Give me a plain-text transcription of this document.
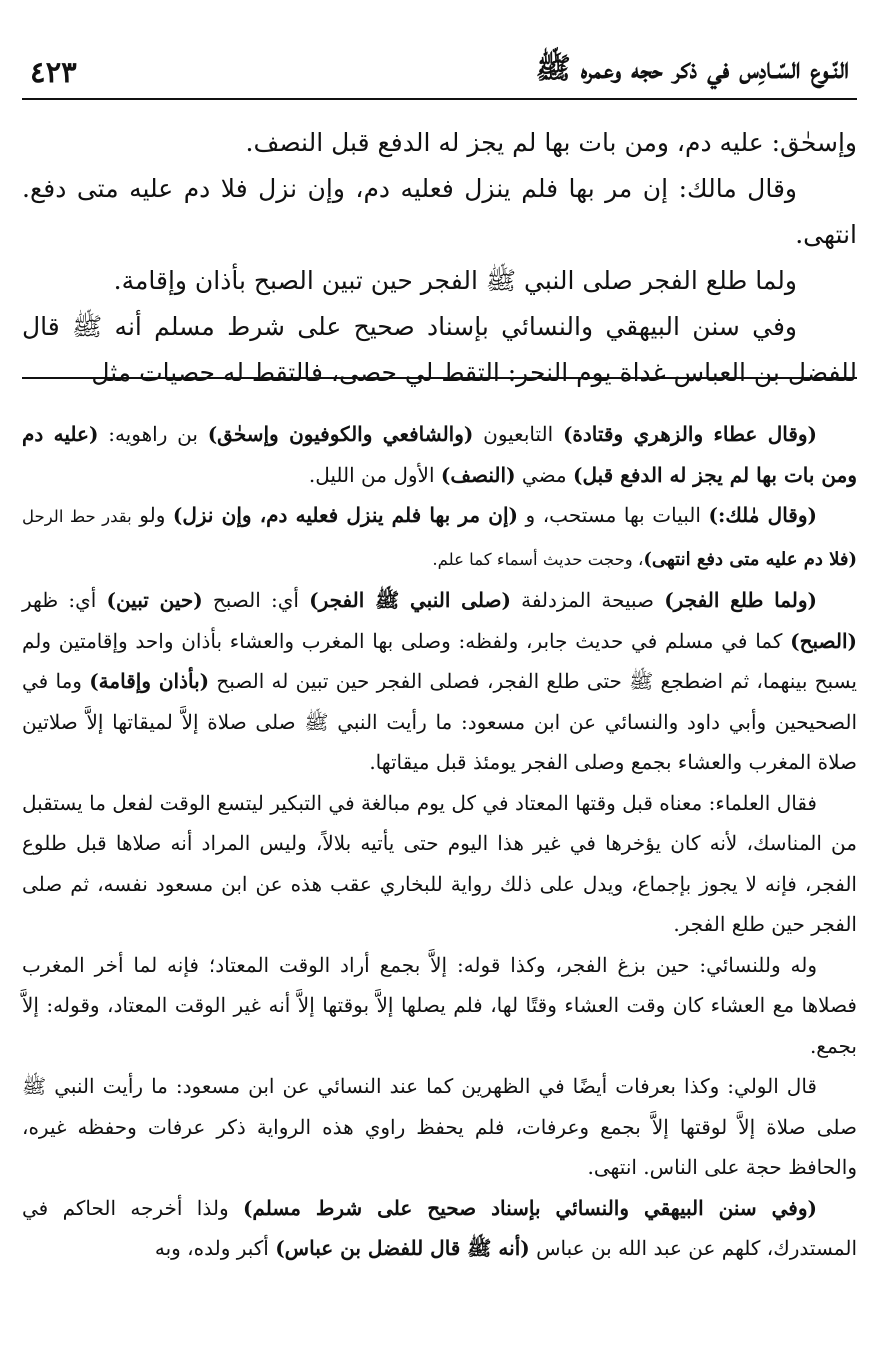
النّـوع السّـادِس في ذكر حجه وعمره ﷺ
٤٢٣

وإسحٰق: عليه دم، ومن بات بها لم يجز له الدفع قبل النصف.

وقال مالك: إن مر بها فلم ينزل فعليه دم، وإن نزل فلا دم عليه متى دفع. انتهى.

ولما طلع الفجر صلى النبي ﷺ الفجر حين تبين الصبح بأذان وإقامة.

وفي سنن البيهقي والنسائي بإسناد صحيح على شرط مسلم أنه ﷺ قال للفضل بن العباس غداة يوم النحر: التقط لي حصى، فالتقط له حصيات مثل

(وقال عطاء والزهري وقتادة) التابعيون (والشافعي والكوفيون وإسحٰق) بن راهويه: (عليه دم ومن بات بها لم يجز له الدفع قبل) مضي (النصف) الأول من الليل.

(وقال مٰلك:) البيات بها مستحب، و (إن مر بها فلم ينزل فعليه دم، وإن نزل) ولو بقدر حط الرحل (فلا دم عليه متى دفع انتهى)، وحجت حديث أسماء كما علم.

(ولما طلع الفجر) صبيحة المزدلفة (صلى النبي ﷺ الفجر) أي: الصبح (حين تبين) أي: ظهر (الصبح) كما في مسلم في حديث جابر، ولفظه: وصلى بها المغرب والعشاء بأذان واحد وإقامتين ولم يسبح بينهما، ثم اضطجع ﷺ حتى طلع الفجر، فصلى الفجر حين تبين له الصبح (بأذان وإقامة) وما في الصحيحين وأبي داود والنسائي عن ابن مسعود: ما رأيت النبي ﷺ صلى صلاة إلاَّ لميقاتها إلاَّ صلاتين صلاة المغرب والعشاء بجمع وصلى الفجر يومئذ قبل ميقاتها.

فقال العلماء: معناه قبل وقتها المعتاد في كل يوم مبالغة في التبكير ليتسع الوقت لفعل ما يستقبل من المناسك، لأنه كان يؤخرها في غير هذا اليوم حتى يأتيه بلالاً، وليس المراد أنه صلاها قبل طلوع الفجر، فإنه لا يجوز بإجماع، ويدل على ذلك رواية للبخاري عقب هذه عن ابن مسعود نفسه، ثم صلى الفجر حين طلع الفجر.

وله وللنسائي: حين بزغ الفجر، وكذا قوله: إلاَّ بجمع أراد الوقت المعتاد؛ فإنه لما أخر المغرب فصلاها مع العشاء كان وقت العشاء وقتًا لها، فلم يصلها إلاَّ بوقتها إلاَّ أنه غير الوقت المعتاد، وقوله: إلاَّ بجمع.

قال الولي: وكذا بعرفات أيضًا في الظهرين كما عند النسائي عن ابن مسعود: ما رأيت النبي ﷺ صلى صلاة إلاَّ لوقتها إلاَّ بجمع وعرفات، فلم يحفظ راوي هذه الرواية ذكر عرفات وحفظه غيره، والحافظ حجة على الناس. انتهى.

(وفي سنن البيهقي والنسائي بإسناد صحيح على شرط مسلم) ولذا أخرجه الحاكم في المستدرك، كلهم عن عبد الله بن عباس (أنه ﷺ قال للفضل بن عباس) أكبر ولده، وبه
